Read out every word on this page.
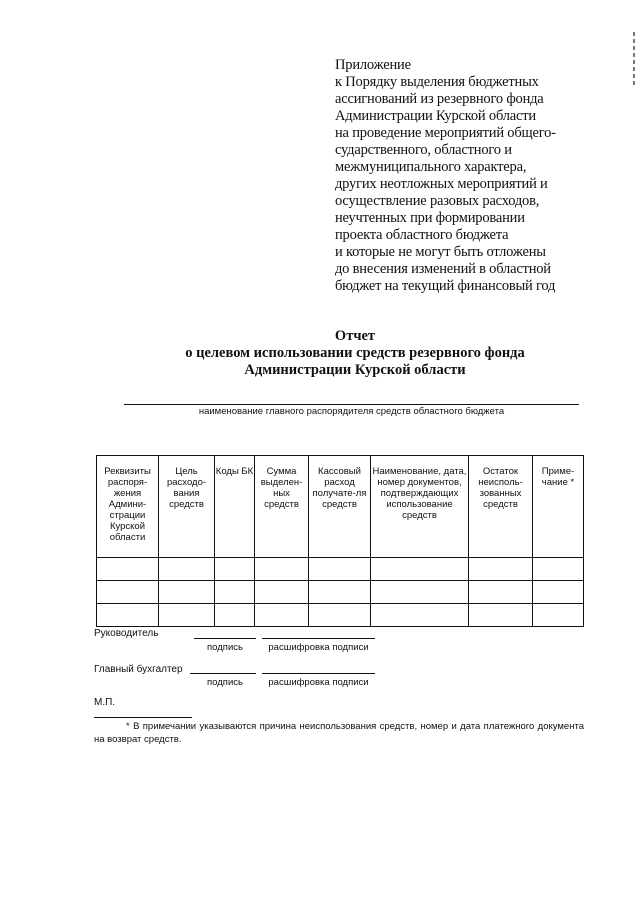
Приложение
к Порядку выделения бюджетных
ассигнований из резервного фонда
Администрации Курской области
на проведение мероприятий общего-
сударственного, областного и
межмуниципального характера,
других неотложных мероприятий и
осуществление разовых расходов,
неучтенных при формировании
проекта областного бюджета
и которые не могут быть отложены
до внесения изменений в областной
бюджет на текущий финансовый год
Отчет
о целевом использовании средств резервного фонда
Администрации Курской области
наименование главного распорядителя средств областного бюджета
Реквизиты распоря-жения Админи-страции Курской области	Цель расходо-вания средств	Коды БК	Сумма выделен-ных средств	Кассовый расход получате-ля средств	Наименование, дата, номер документов, подтверждающих использование средств	Остаток неисполь-зованных средств	Приме-чание *

Руководитель
подпись	расшифровка подписи
Главный бухгалтер
подпись	расшифровка подписи
М.П.
* В примечании указываются причина неиспользования средств, номер и дата платежного документа на возврат средств.
